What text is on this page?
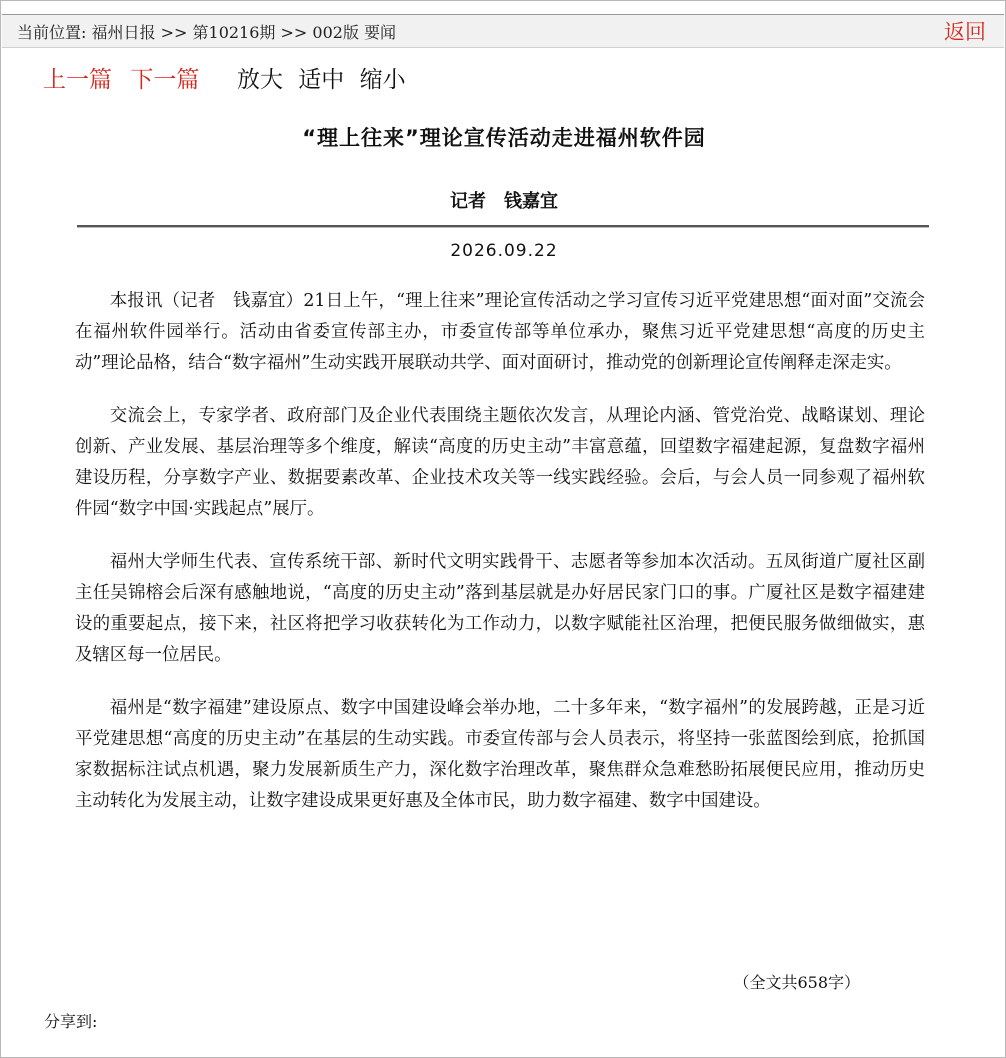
当前位置: 福州日报 >> 第10216期 >> 002版 要闻	返回
上一篇 下一篇 放大 适中 缩小
“理上往来”理论宣传活动走进福州软件园
记者　钱嘉宜
2026.09.22

本报讯（记者　钱嘉宜）21日上午，“理上往来”理论宣传活动之学习宣传习近平党建思想“面对面”交流会在福州软件园举行。活动由省委宣传部主办，市委宣传部等单位承办，聚焦习近平党建思想“高度的历史主动”理论品格，结合“数字福州”生动实践开展联动共学、面对面研讨，推动党的创新理论宣传阐释走深走实。

交流会上，专家学者、政府部门及企业代表围绕主题依次发言，从理论内涵、管党治党、战略谋划、理论创新、产业发展、基层治理等多个维度，解读“高度的历史主动”丰富意蕴，回望数字福建起源，复盘数字福州建设历程，分享数字产业、数据要素改革、企业技术攻关等一线实践经验。会后，与会人员一同参观了福州软件园“数字中国·实践起点”展厅。

福州大学师生代表、宣传系统干部、新时代文明实践骨干、志愿者等参加本次活动。五凤街道广厦社区副主任吴锦榕会后深有感触地说，“高度的历史主动”落到基层就是办好居民家门口的事。广厦社区是数字福建建设的重要起点，接下来，社区将把学习收获转化为工作动力，以数字赋能社区治理，把便民服务做细做实，惠及辖区每一位居民。

福州是“数字福建”建设原点、数字中国建设峰会举办地，二十多年来，“数字福州”的发展跨越，正是习近平党建思想“高度的历史主动”在基层的生动实践。市委宣传部与会人员表示，将坚持一张蓝图绘到底，抢抓国家数据标注试点机遇，聚力发展新质生产力，深化数字治理改革，聚焦群众急难愁盼拓展便民应用，推动历史主动转化为发展主动，让数字建设成果更好惠及全体市民，助力数字福建、数字中国建设。

（全文共658字）
分享到:
